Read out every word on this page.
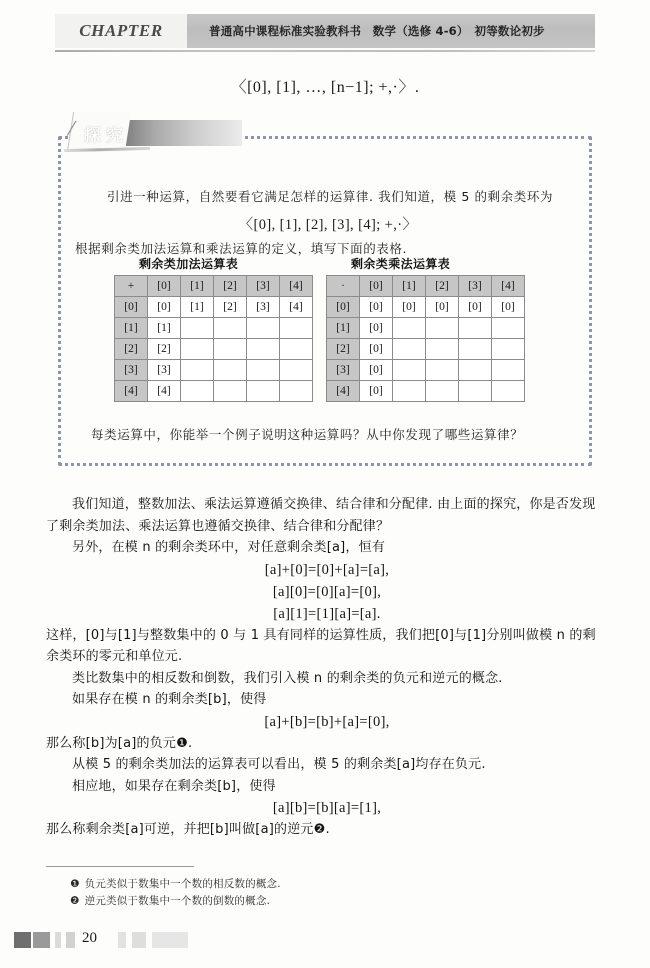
CHAPTER	普通高中课程标准实验教科书　数学（选修 4-6）　初等数论初步
〈[0], [1], …, [n−1]; +,·〉.
引进一种运算，自然要看它满足怎样的运算律. 我们知道，模 5 的剩余类环为
〈[0], [1], [2], [3], [4]; +,·〉
根据剩余类加法运算和乘法运算的定义，填写下面的表格.
剩余类加法运算表	剩余类乘法运算表
+	[0]	[1]	[2]	[3]	[4]
[0]	[0]	[1]	[2]	[3]	[4]
[1]	[1]				
[2]	[2]				
[3]	[3]				
[4]	[4]				
·	[0]	[1]	[2]	[3]	[4]
[0]	[0]	[0]	[0]	[0]	[0]
[1]	[0]				
[2]	[0]				
[3]	[0]				
[4]	[0]				
每类运算中，你能举一个例子说明这种运算吗？从中你发现了哪些运算律？
/ 探究

我们知道，整数加法、乘法运算遵循交换律、结合律和分配律. 由上面的探究，你是否发现了剩余类加法、乘法运算也遵循交换律、结合律和分配律？

另外，在模 n 的剩余类环中，对任意剩余类[a]，恒有

[a]+[0]=[0]+[a]=[a],

[a][0]=[0][a]=[0],

[a][1]=[1][a]=[a].

这样，[0]与[1]与整数集中的 0 与 1 具有同样的运算性质，我们把[0]与[1]分别叫做模 n 的剩余类环的零元和单位元.

类比数集中的相反数和倒数，我们引入模 n 的剩余类的负元和逆元的概念.

如果存在模 n 的剩余类[b]，使得

[a]+[b]=[b]+[a]=[0],

那么称[b]为[a]的负元❶.

从模 5 的剩余类加法的运算表可以看出，模 5 的剩余类[a]均存在负元.

相应地，如果存在剩余类[b]，使得

[a][b]=[b][a]=[1],

那么称剩余类[a]可逆，并把[b]叫做[a]的逆元❷.

❶ 负元类似于数集中一个数的相反数的概念.
❷ 逆元类似于数集中一个数的倒数的概念.
20
